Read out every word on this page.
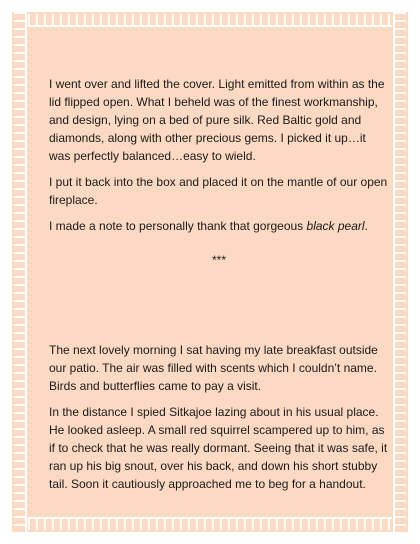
I went over and lifted the cover. Light emitted from within as the lid flipped open. What I beheld was of the finest workmanship, and design, lying on a bed of pure silk. Red Baltic gold and diamonds, along with other precious gems. I picked it up…it was perfectly balanced…easy to wield.

I put it back into the box and placed it on the mantle of our open fireplace.

I made a note to personally thank that gorgeous black pearl.

***

The next lovely morning I sat having my late breakfast outside our patio. The air was filled with scents which I couldn’t name. Birds and butterflies came to pay a visit.

In the distance I spied Sitkajoe lazing about in his usual place. He looked asleep. A small red squirrel scampered up to him, as if to check that he was really dormant. Seeing that it was safe, it ran up his big snout, over his back, and down his short stubby tail. Soon it cautiously approached me to beg for a handout.
